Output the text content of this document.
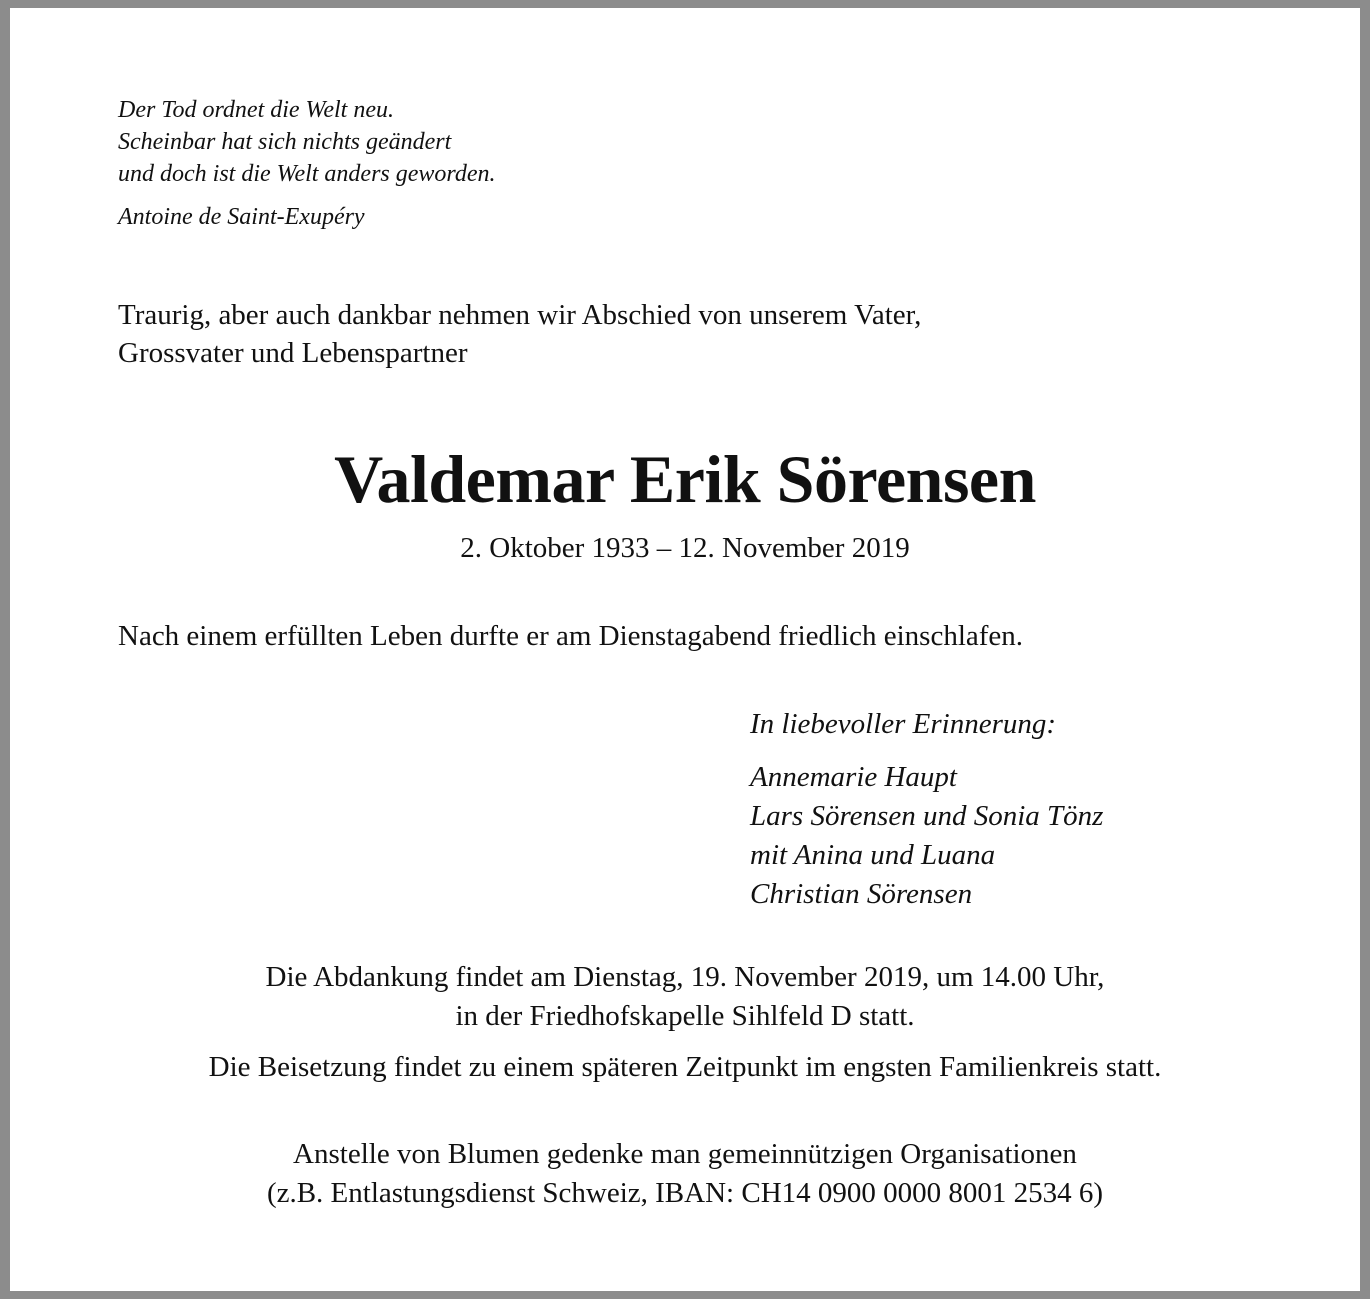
Der Tod ordnet die Welt neu.
Scheinbar hat sich nichts geändert
und doch ist die Welt anders geworden.
Antoine de Saint-Exupéry
Traurig, aber auch dankbar nehmen wir Abschied von unserem Vater,
Grossvater und Lebenspartner
Valdemar Erik Sörensen
2. Oktober 1933 – 12. November 2019
Nach einem erfüllten Leben durfte er am Dienstagabend friedlich einschlafen.
In liebevoller Erinnerung:
Annemarie Haupt
Lars Sörensen und Sonia Tönz
mit Anina und Luana
Christian Sörensen
Die Abdankung findet am Dienstag, 19. November 2019, um 14.00 Uhr,
in der Friedhofskapelle Sihlfeld D statt.
Die Beisetzung findet zu einem späteren Zeitpunkt im engsten Familienkreis statt.
Anstelle von Blumen gedenke man gemeinnützigen Organisationen
(z.B. Entlastungsdienst Schweiz, IBAN: CH14 0900 0000 8001 2534 6)
